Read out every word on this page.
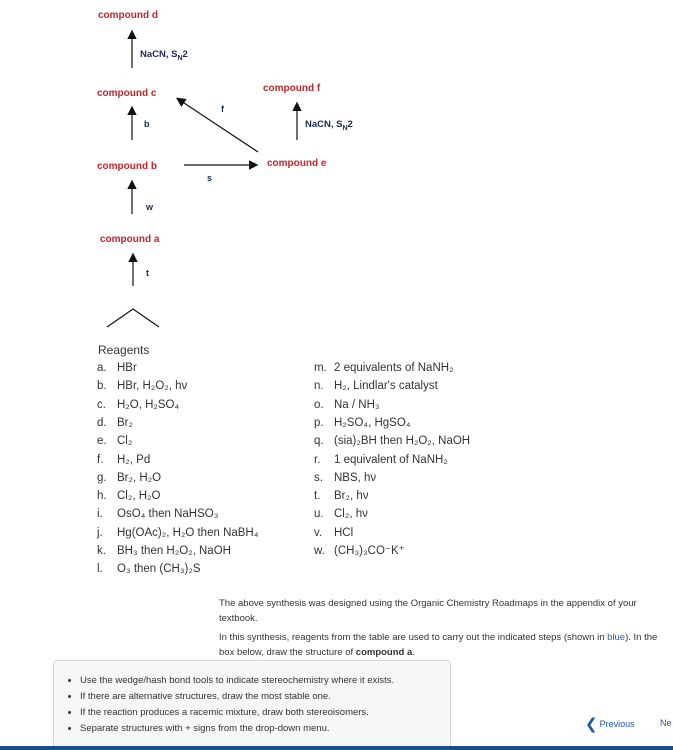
compound d
compound c	compound f
compound b	compound e
compound a
NaCN, $S_N2$
b
f
NaCN, $S_N2$
s
w
t
Reagents
a. HBr
b. HBr, H₂O₂, hν
c. H₂O, H₂SO₄
d. Br₂
e. Cl₂
f. H₂, Pd
g. Br₂, H₂O
h. Cl₂, H₂O
i. OsO₄ then NaHSO₃
j. Hg(OAc)₂, H₂O then NaBH₄
k. BH₃ then H₂O₂, NaOH
l. O₃ then (CH₃)₂S
m. 2 equivalents of NaNH₂
n. H₂, Lindlar's catalyst
o. Na / NH₃
p. H₂SO₄, HgSO₄
q. (sia)₂BH then H₂O₂, NaOH
r. 1 equivalent of NaNH₂
s. NBS, hν
t. Br₂, hν
u. Cl₂, hν
v. HCl
w. (CH₃)₃CO⁻K⁺

The above synthesis was designed using the Organic Chemistry Roadmaps in the appendix of your textbook.

In this synthesis, reagents from the table are used to carry out the indicated steps (shown in blue). In the box below, draw the structure of compound a.

• Use the wedge/hash bond tools to indicate stereochemistry where it exists.
• If there are alternative structures, draw the most stable one.
• If the reaction produces a racemic mixture, draw both stereoisomers.
• Separate structures with + signs from the drop-down menu.	❮ Previous	Ne
